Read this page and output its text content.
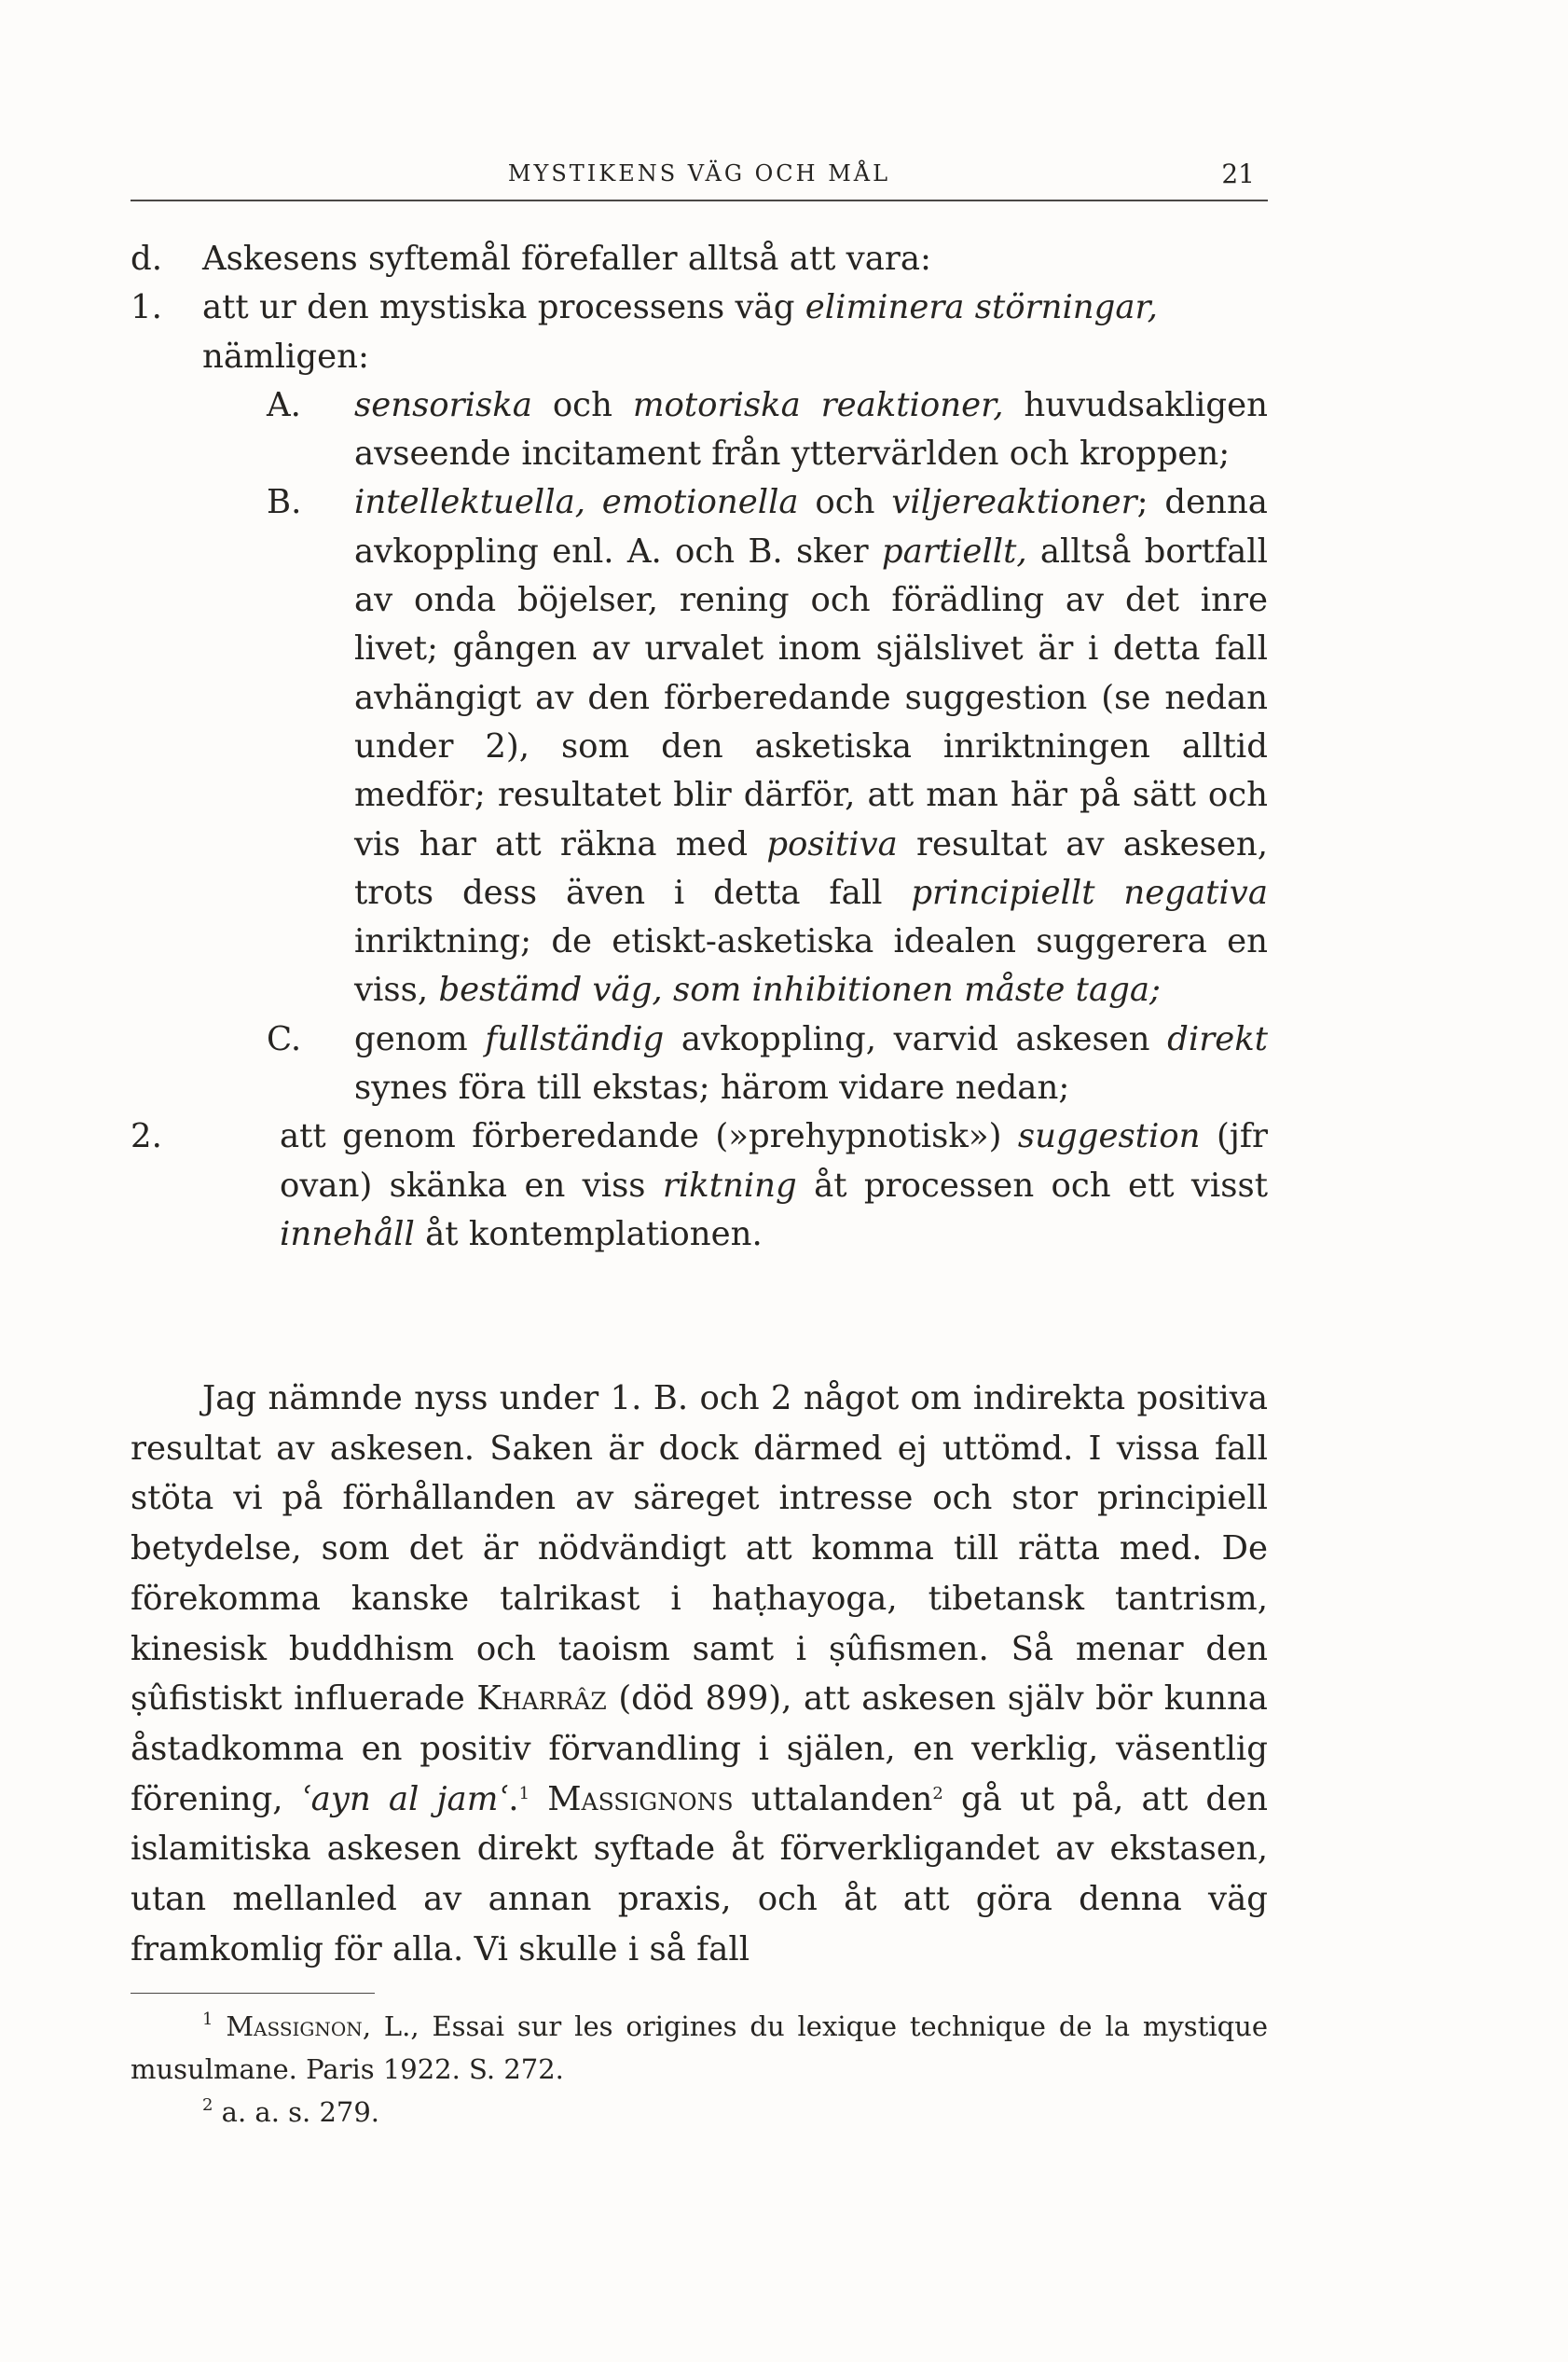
MYSTIKENS VÄG OCH MÅL	21
d. Askesens syftemål förefaller alltså att vara:
1. att ur den mystiska processens väg eliminera störningar,
nämligen:
A. sensoriska och motoriska reaktioner, huvudsakligen avseende incitament från yttervärlden och kroppen;
B. intellektuella, emotionella och viljereaktioner; denna avkoppling enl. A. och B. sker partiellt, alltså bortfall av onda böjelser, rening och förädling av det inre livet; gången av urvalet inom själslivet är i detta fall avhängigt av den förberedande suggestion (se nedan under 2), som den asketiska inriktningen alltid medför; resultatet blir därför, att man här på sätt och vis har att räkna med positiva resultat av askesen, trots dess även i detta fall principiellt negativa inriktning; de etiskt-asketiska idealen suggerera en viss, bestämd väg, som inhibitionen måste taga;
C. genom fullständig avkoppling, varvid askesen direkt synes föra till ekstas; härom vidare nedan;
2.	att genom förberedande (»prehypnotisk») suggestion (jfr ovan) skänka en viss riktning åt processen och ett visst innehåll åt kontemplationen.
Jag nämnde nyss under 1. B. och 2 något om indirekta positiva resultat av askesen. Saken är dock därmed ej uttömd. I vissa fall stöta vi på förhållanden av säreget intresse och stor principiell betydelse, som det är nödvändigt att komma till rätta med. De förekomma kanske talrikast i haṭhayoga, tibetansk tantrism, kinesisk buddhism och taoism samt i ṣûfismen. Så menar den ṣûfistiskt influerade Kharrâz (död 899), att askesen själv bör kunna åstadkomma en positiv förvandling i själen, en verklig, väsentlig förening, ʿayn al jamʿ.$^1$ Massignons uttalanden$^2$ gå ut på, att den islamitiska askesen direkt syftade åt förverkligandet av ekstasen, utan mellanled av annan praxis, och åt att göra denna väg framkomlig för alla. Vi skulle i så fall
$^1$ Massignon, L., Essai sur les origines du lexique technique de la mystique musulmane. Paris 1922. S. 272.
$^2$ a. a. s. 279.
